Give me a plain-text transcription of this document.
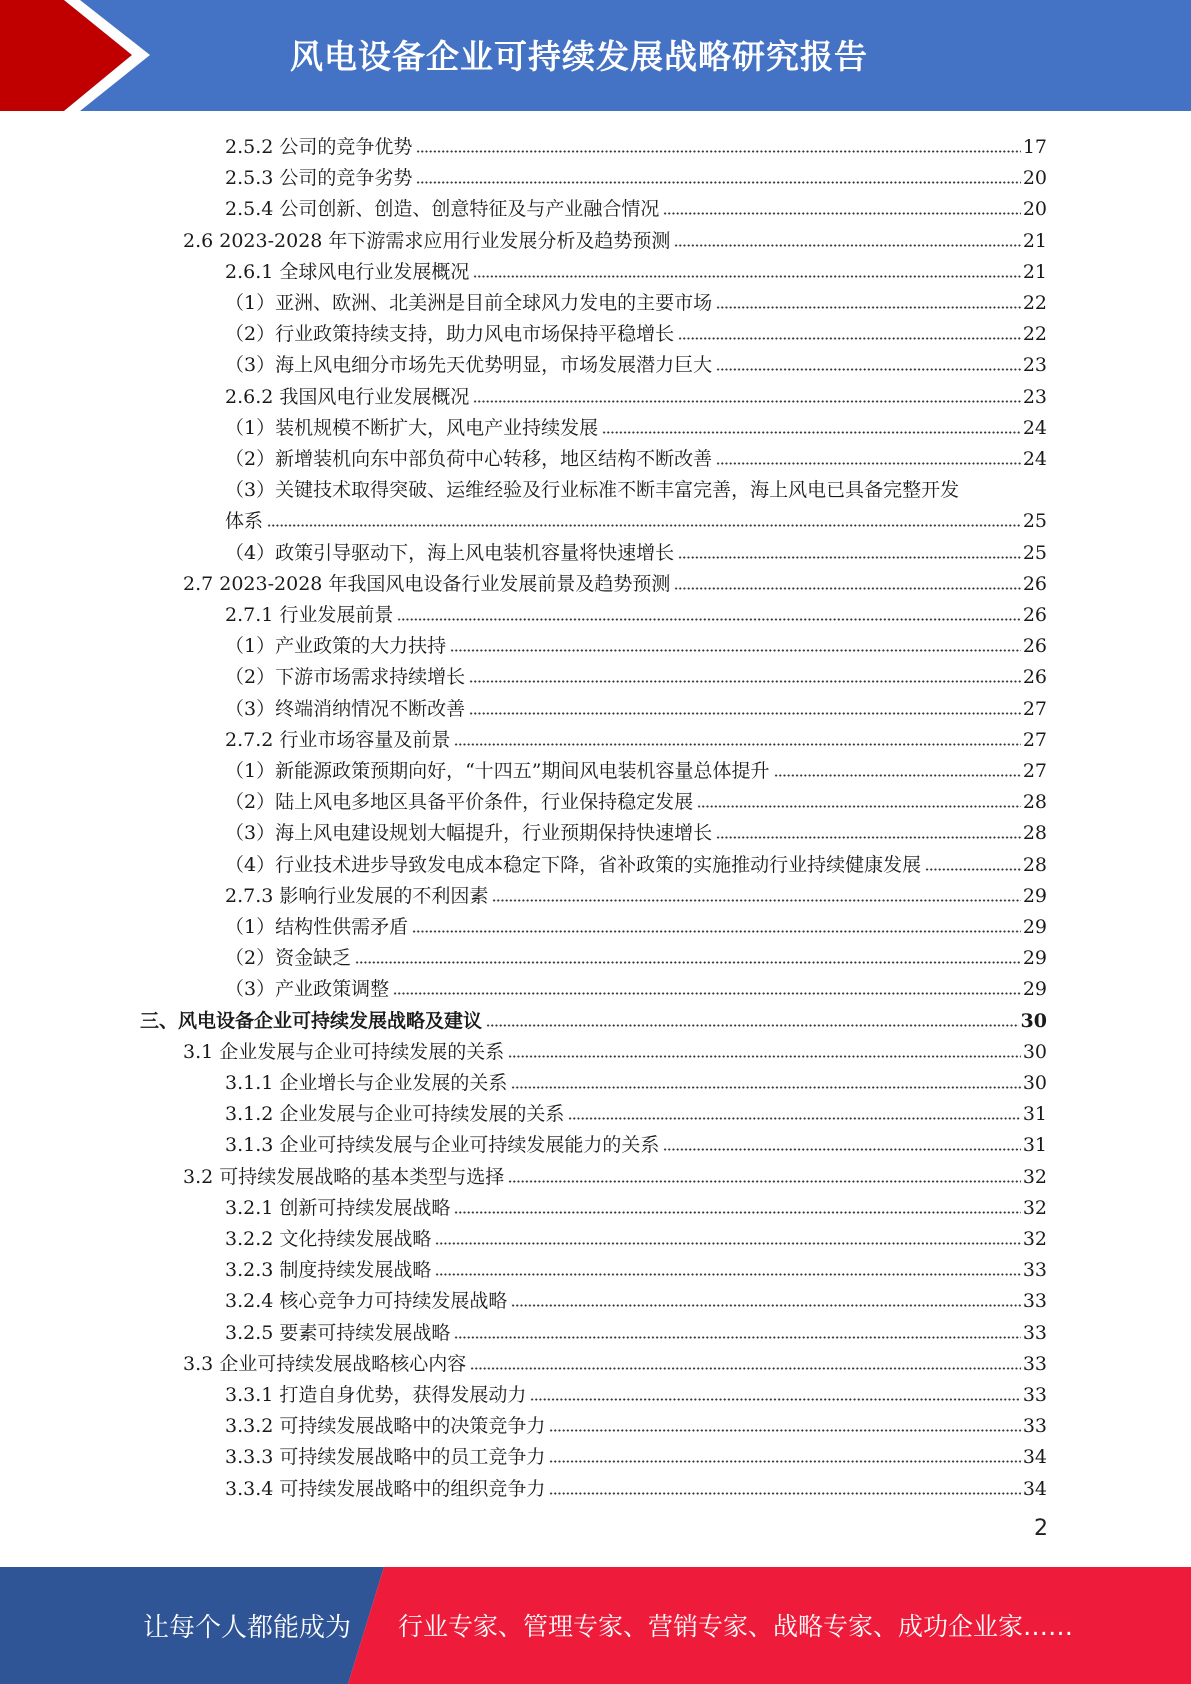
风电设备企业可持续发展战略研究报告
2.5.2 公司的竞争优势	17
2.5.3 公司的竞争劣势	20
2.5.4 公司创新、创造、创意特征及与产业融合情况	20
2.6 2023-2028 年下游需求应用行业发展分析及趋势预测	21
2.6.1 全球风电行业发展概况	21
（1）亚洲、欧洲、北美洲是目前全球风力发电的主要市场	22
（2）行业政策持续支持，助力风电市场保持平稳增长	22
（3）海上风电细分市场先天优势明显，市场发展潜力巨大	23
2.6.2 我国风电行业发展概况	23
（1）装机规模不断扩大，风电产业持续发展	24
（2）新增装机向东中部负荷中心转移，地区结构不断改善	24
（3）关键技术取得突破、运维经验及行业标准不断丰富完善，海上风电已具备完整开发
体系	25
（4）政策引导驱动下，海上风电装机容量将快速增长	25
2.7 2023-2028 年我国风电设备行业发展前景及趋势预测	26
2.7.1 行业发展前景	26
（1）产业政策的大力扶持	26
（2）下游市场需求持续增长	26
（3）终端消纳情况不断改善	27
2.7.2 行业市场容量及前景	27
（1）新能源政策预期向好，“十四五”期间风电装机容量总体提升	27
（2）陆上风电多地区具备平价条件，行业保持稳定发展	28
（3）海上风电建设规划大幅提升，行业预期保持快速增长	28
（4）行业技术进步导致发电成本稳定下降，省补政策的实施推动行业持续健康发展	28
2.7.3 影响行业发展的不利因素	29
（1）结构性供需矛盾	29
（2）资金缺乏	29
（3）产业政策调整	29
三、风电设备企业可持续发展战略及建议	30
3.1 企业发展与企业可持续发展的关系	30
3.1.1 企业增长与企业发展的关系	30
3.1.2 企业发展与企业可持续发展的关系	31
3.1.3 企业可持续发展与企业可持续发展能力的关系	31
3.2 可持续发展战略的基本类型与选择	32
3.2.1 创新可持续发展战略	32
3.2.2 文化持续发展战略	32
3.2.3 制度持续发展战略	33
3.2.4 核心竞争力可持续发展战略	33
3.2.5 要素可持续发展战略	33
3.3 企业可持续发展战略核心内容	33
3.3.1 打造自身优势，获得发展动力	33
3.3.2 可持续发展战略中的决策竞争力	33
3.3.3 可持续发展战略中的员工竞争力	34
3.3.4 可持续发展战略中的组织竞争力	34
2
让每个人都能成为 行业专家、管理专家、营销专家、战略专家、成功企业家……
